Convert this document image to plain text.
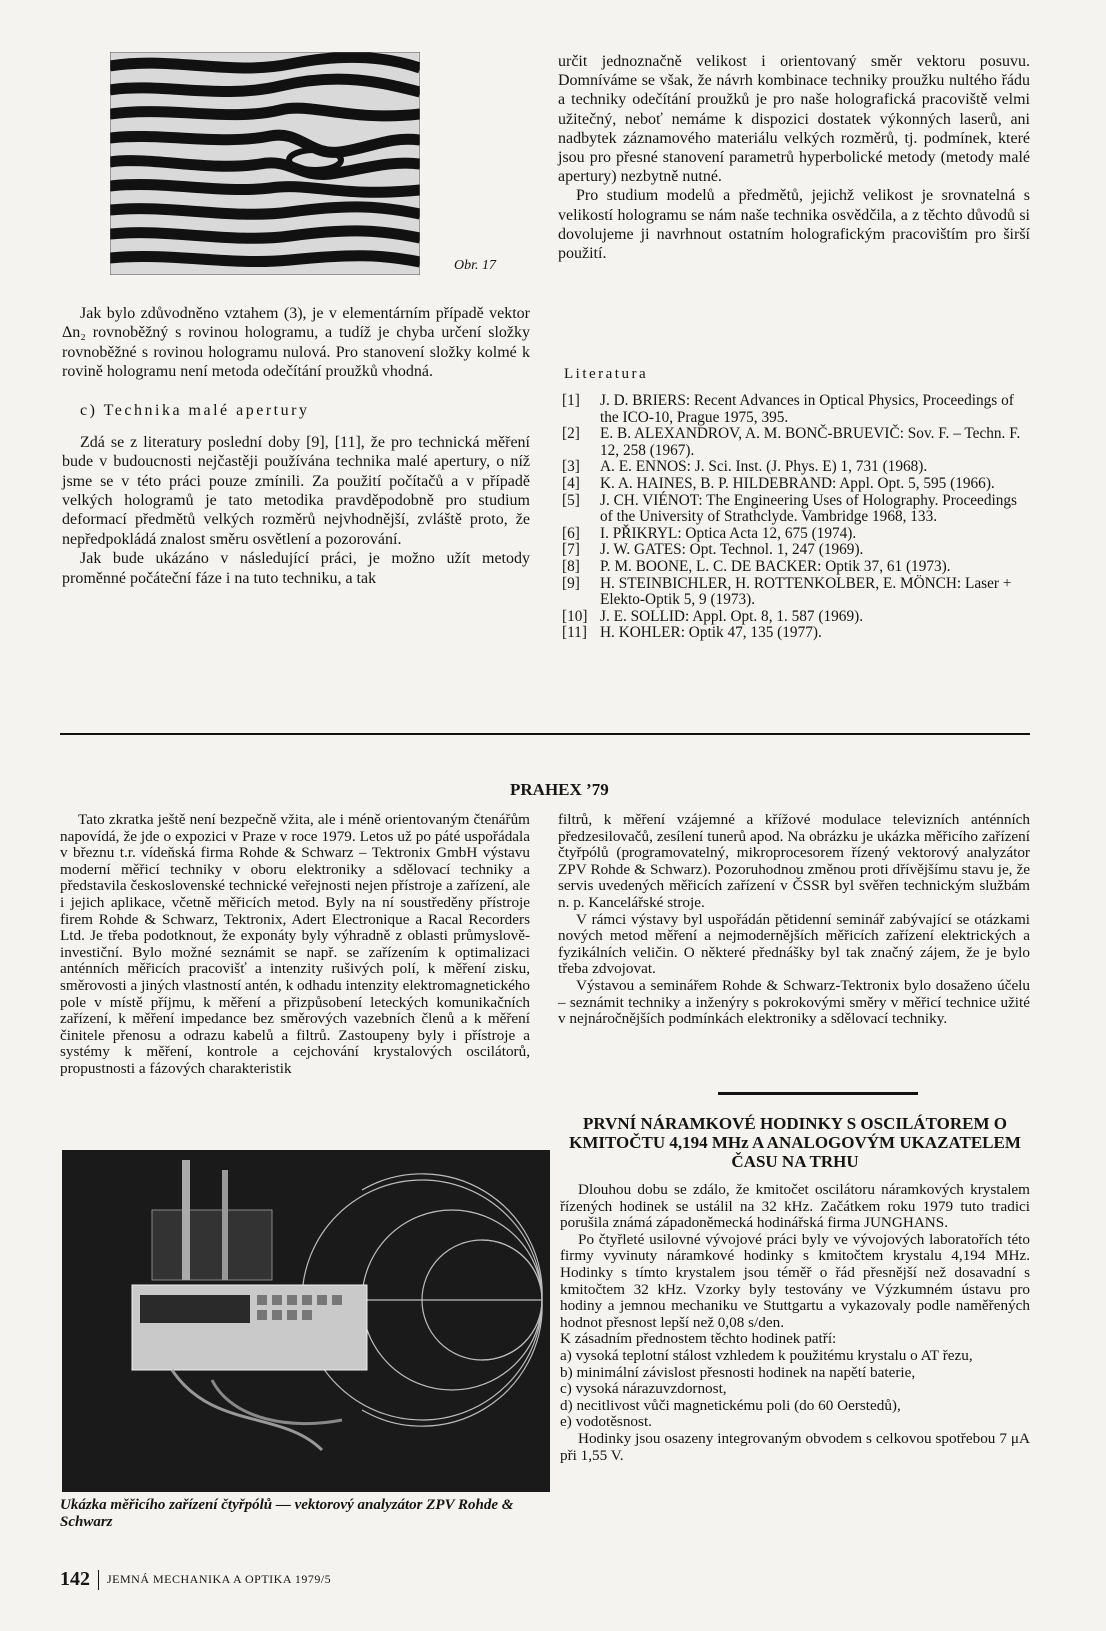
Obr. 17

Jak bylo zdůvodněno vztahem (3), je v elementárním případě vektor Δn₂ rovnoběžný s rovinou hologramu, a tudíž je chyba určení složky rovnoběžné s rovinou hologramu nulová. Pro stanovení složky kolmé k rovině hologramu není metoda odečítání proužků vhodná.

c) Technika malé apertury

Zdá se z literatury poslední doby [9], [11], že pro technická měření bude v budoucnosti nejčastěji používána technika malé apertury, o níž jsme se v této práci pouze zmínili. Za použití počítačů a v případě velkých hologramů je tato metodika pravděpodobně pro studium deformací předmětů velkých rozměrů nejvhodnější, zvláště proto, že nepředpokládá znalost směru osvětlení a pozorování.

Jak bude ukázáno v následující práci, je možno užít metody proměnné počáteční fáze i na tuto techniku, a tak

určit jednoznačně velikost i orientovaný směr vektoru posuvu. Domníváme se však, že návrh kombinace techniky proužku nultého řádu a techniky odečítání proužků je pro naše holografická pracoviště velmi užitečný, neboť nemáme k dispozici dostatek výkonných laserů, ani nadbytek záznamového materiálu velkých rozměrů, tj. podmínek, které jsou pro přesné stanovení parametrů hyperbolické metody (metody malé apertury) nezbytně nutné.

Pro studium modelů a předmětů, jejichž velikost je srovnatelná s velikostí hologramu se nám naše technika osvědčila, a z těchto důvodů si dovolujeme ji navrhnout ostatním holografickým pracovištím pro širší použití.

Literatura
[1] J. D. BRIERS: Recent Advances in Optical Physics, Proceedings of the ICO-10, Prague 1975, 395.
[2] E. B. ALEXANDROV, A. M. BONČ-BRUEVIČ: Sov. F. – Techn. F. 12, 258 (1967).
[3] A. E. ENNOS: J. Sci. Inst. (J. Phys. E) 1, 731 (1968).
[4] K. A. HAINES, B. P. HILDEBRAND: Appl. Opt. 5, 595 (1966).
[5] J. CH. VIÉNOT: The Engineering Uses of Holography. Proceedings of the University of Strathclyde. Vambridge 1968, 133.
[6] I. PŘIKRYL: Optica Acta 12, 675 (1974).
[7] J. W. GATES: Opt. Technol. 1, 247 (1969).
[8] P. M. BOONE, L. C. DE BACKER: Optik 37, 61 (1973).
[9] H. STEINBICHLER, H. ROTTENKOLBER, E. MÖNCH: Laser + Elekto-Optik 5, 9 (1973).
[10] J. E. SOLLID: Appl. Opt. 8, 1. 587 (1969).
[11] H. KOHLER: Optik 47, 135 (1977).
PRAHEX ’79

Tato zkratka ještě není bezpečně vžita, ale i méně orientovaným čtenářům napovídá, že jde o expozici v Praze v roce 1979. Letos už po páté uspořádala v březnu t.r. vídeňská firma Rohde & Schwarz – Tektronix GmbH výstavu moderní měřicí techniky v oboru elektroniky a sdělovací techniky a představila československé technické veřejnosti nejen přístroje a zařízení, ale i jejich aplikace, včetně měřicích metod. Byly na ní soustředěny přístroje firem Rohde & Schwarz, Tektronix, Adert Electronique a Racal Recorders Ltd. Je třeba podotknout, že exponáty byly výhradně z oblasti průmyslově-investiční. Bylo možné seznámit se např. se zařízením k optimalizaci anténních měřicích pracovišť a intenzity rušivých polí, k měření zisku, směrovosti a jiných vlastností antén, k odhadu intenzity elektromagnetického pole v místě příjmu, k měření a přizpůsobení leteckých komunikačních zařízení, k měření impedance bez směrových vazebních členů a k měření činitele přenosu a odrazu kabelů a filtrů. Zastoupeny byly i přístroje a systémy k měření, kontrole a cejchování krystalových oscilátorů, propustnosti a fázových charakteristik

filtrů, k měření vzájemné a křížové modulace televizních anténních předzesilovačů, zesílení tunerů apod. Na obrázku je ukázka měřicího zařízení čtyřpólů (programovatelný, mikroprocesorem řízený vektorový analyzátor ZPV Rohde & Schwarz). Pozoruhodnou změnou proti dřívějšímu stavu je, že servis uvedených měřicích zařízení v ČSSR byl svěřen technickým službám n. p. Kancelářské stroje.

V rámci výstavy byl uspořádán pětidenní seminář zabývající se otázkami nových metod měření a nejmodernějších měřicích zařízení elektrických a fyzikálních veličin. O některé přednášky byl tak značný zájem, že je bylo třeba zdvojovat.

Výstavou a seminářem Rohde & Schwarz-Tektronix bylo dosaženo účelu – seznámit techniky a inženýry s pokrokovými směry v měřicí technice užité v nejnáročnějších podmínkách elektroniky a sdělovací techniky.

Ukázka měřicího zařízení čtyřpólů — vektorový analyzátor ZPV Rohde & Schwarz
PRVNÍ NÁRAMKOVÉ HODINKY S OSCILÁTOREM O KMITOČTU 4,194 MHz A ANALOGOVÝM UKAZATELEM ČASU NA TRHU

Dlouhou dobu se zdálo, že kmitočet oscilátoru náramkových krystalem řízených hodinek se ustálil na 32 kHz. Začátkem roku 1979 tuto tradici porušila známá západoněmecká hodinářská firma JUNGHANS.

Po čtyřleté usilovné vývojové práci byly ve vývojových laboratořích této firmy vyvinuty náramkové hodinky s kmitočtem krystalu 4,194 MHz. Hodinky s tímto krystalem jsou téměř o řád přesnější než dosavadní s kmitočtem 32 kHz. Vzorky byly testovány ve Výzkumném ústavu pro hodiny a jemnou mechaniku ve Stuttgartu a vykazovaly podle naměřených hodnot přesnost lepší než 0,08 s/den.

K zásadním přednostem těchto hodinek patří:

a) vysoká teplotní stálost vzhledem k použitému krystalu o AT řezu,
b) minimální závislost přesnosti hodinek na napětí baterie,
c) vysoká nárazuvzdornost,
d) necitlivost vůči magnetickému poli (do 60 Oerstedů),
e) vodotěsnost.

Hodinky jsou osazeny integrovaným obvodem s celkovou spotřebou 7 μA při 1,55 V.

142 JEMNÁ MECHANIKA A OPTIKA 1979/5
